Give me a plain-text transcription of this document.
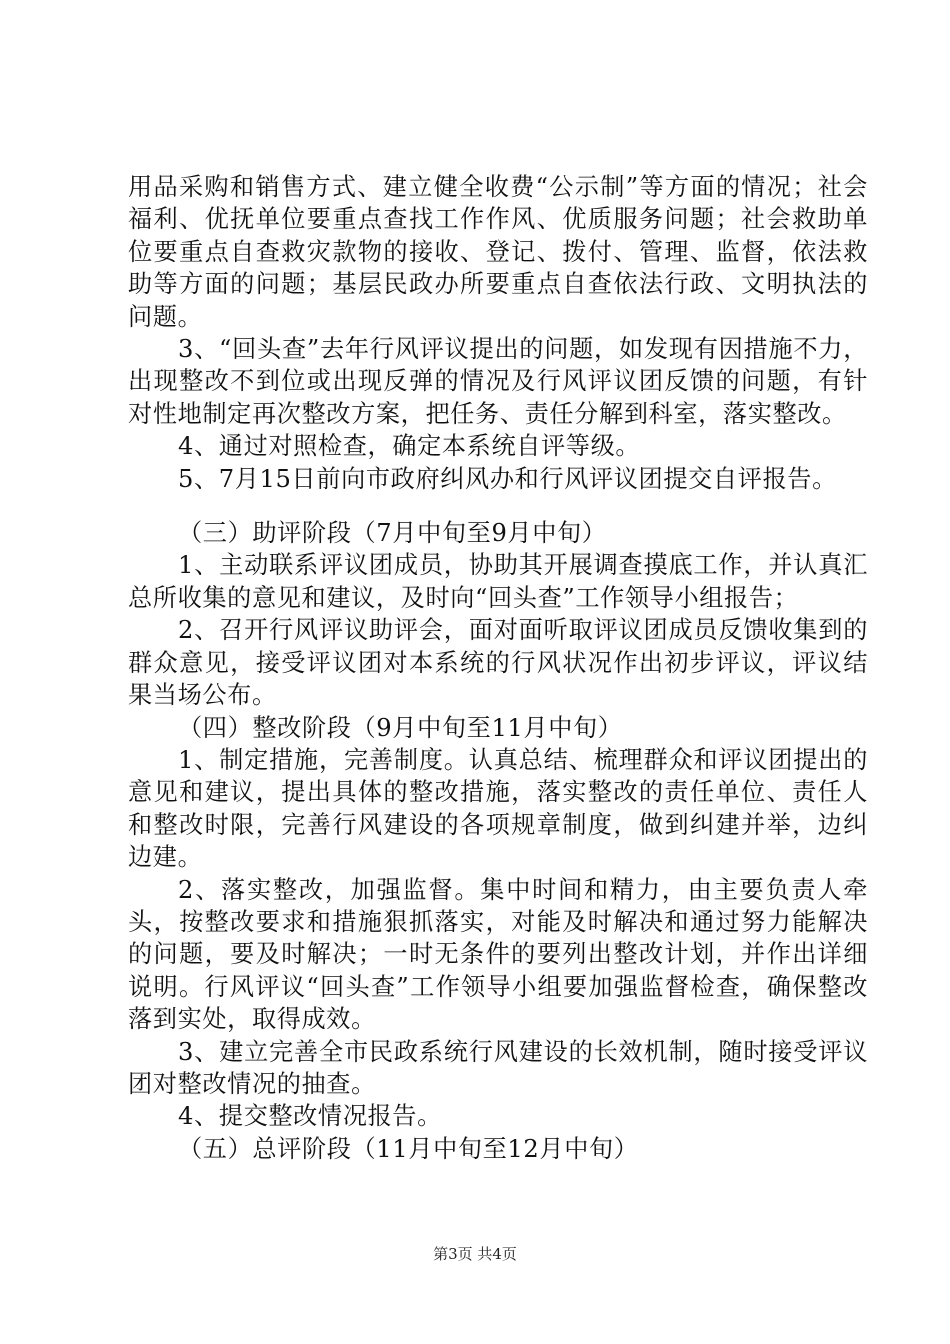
用品采购和销售方式、建立健全收费“公示制”等方面的情况；社会福利、优抚单位要重点查找工作作风、优质服务问题；社会救助单位要重点自查救灾款物的接收、登记、拨付、管理、监督，依法救助等方面的问题；基层民政办所要重点自查依法行政、文明执法的问题。

3、“回头查”去年行风评议提出的问题，如发现有因措施不力，出现整改不到位或出现反弹的情况及行风评议团反馈的问题，有针对性地制定再次整改方案，把任务、责任分解到科室，落实整改。

4、通过对照检查，确定本系统自评等级。

5、7月15日前向市政府纠风办和行风评议团提交自评报告。

（三）助评阶段（7月中旬至9月中旬）

1、主动联系评议团成员，协助其开展调查摸底工作，并认真汇总所收集的意见和建议，及时向“回头查”工作领导小组报告；

2、召开行风评议助评会，面对面听取评议团成员反馈收集到的群众意见，接受评议团对本系统的行风状况作出初步评议，评议结果当场公布。

（四）整改阶段（9月中旬至11月中旬）

1、制定措施，完善制度。认真总结、梳理群众和评议团提出的意见和建议，提出具体的整改措施，落实整改的责任单位、责任人和整改时限，完善行风建设的各项规章制度，做到纠建并举，边纠边建。

2、落实整改，加强监督。集中时间和精力，由主要负责人牵头，按整改要求和措施狠抓落实，对能及时解决和通过努力能解决的问题，要及时解决；一时无条件的要列出整改计划，并作出详细说明。行风评议“回头查”工作领导小组要加强监督检查，确保整改落到实处，取得成效。

3、建立完善全市民政系统行风建设的长效机制，随时接受评议团对整改情况的抽查。

4、提交整改情况报告。

（五）总评阶段（11月中旬至12月中旬）

第3页 共4页
